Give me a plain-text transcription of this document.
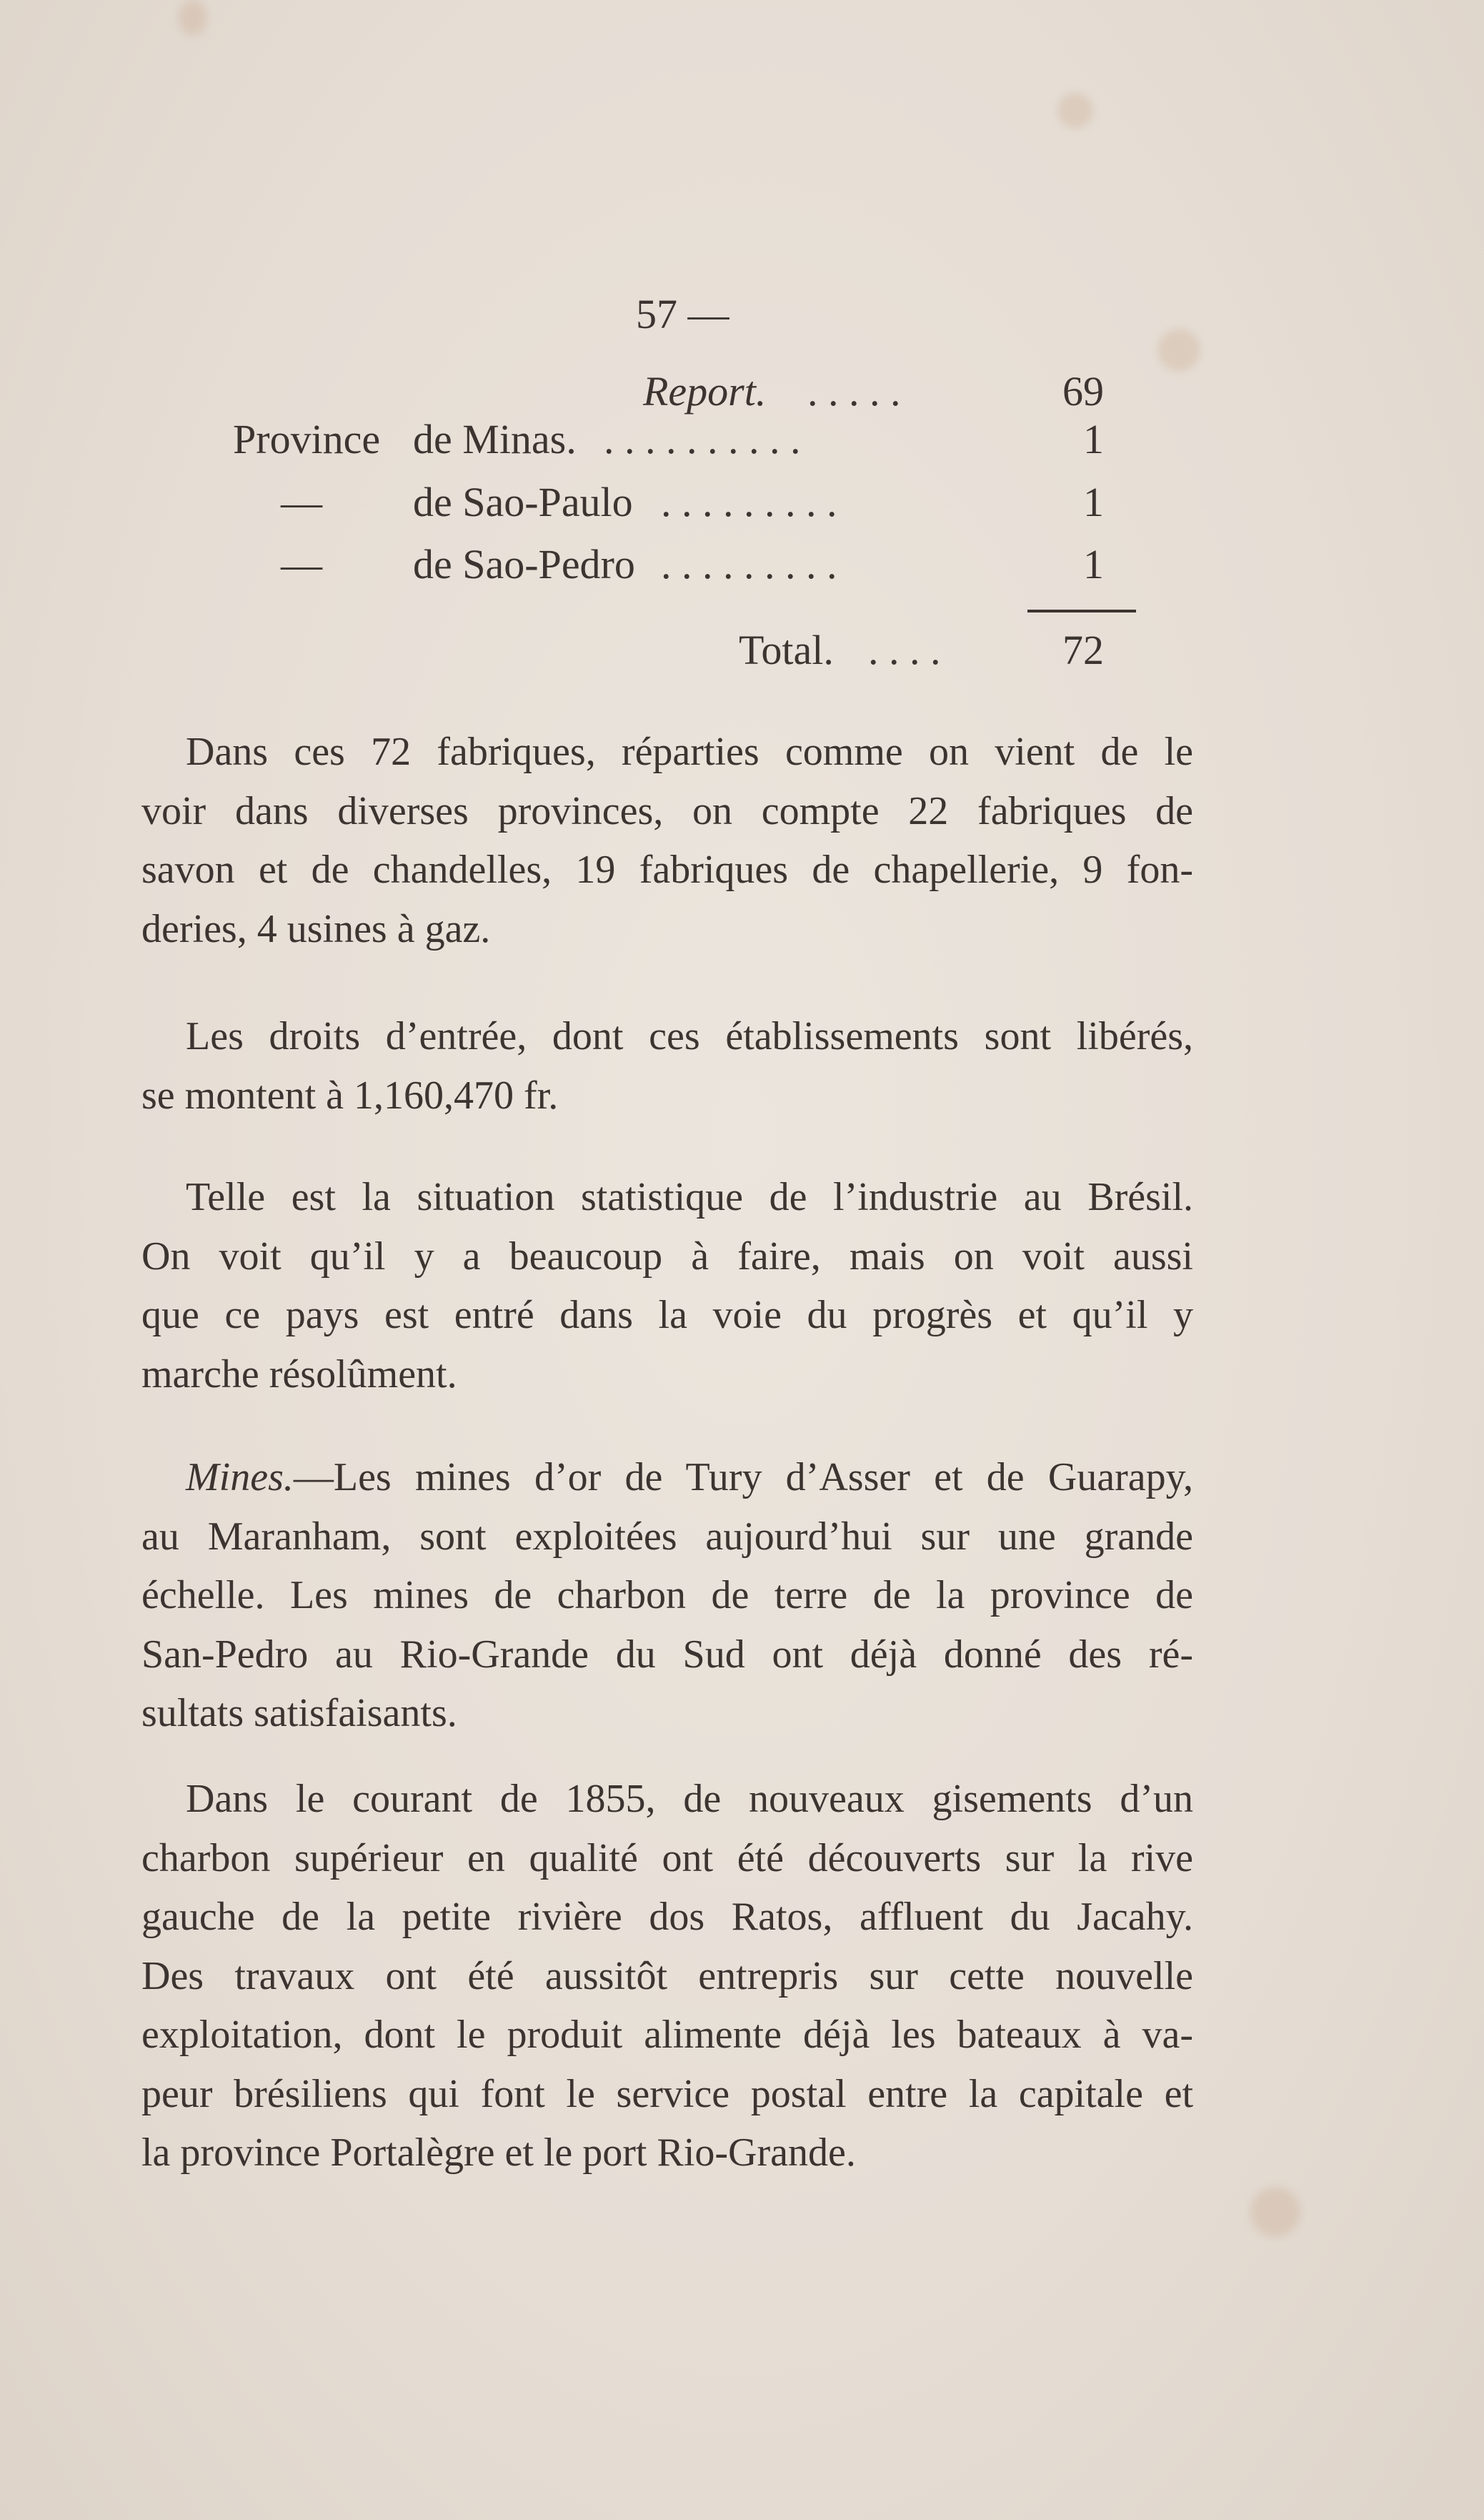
57 —
Report. . . . . .	69
Province de Minas. . . . . . . . . . .	1
— de Sao-Paulo . . . . . . . . .	1
— de Sao-Pedro . . . . . . . . .	1
Total. . . . .	72
Dans ces 72 fabriques, réparties comme on vient de le
voir dans diverses provinces, on compte 22 fabriques de
savon et de chandelles, 19 fabriques de chapellerie, 9 fon-
deries, 4 usines à gaz.
Les droits d’entrée, dont ces établissements sont libérés,
se montent à 1,160,470 fr.
Telle est la situation statistique de l’industrie au Brésil.
On voit qu’il y a beaucoup à faire, mais on voit aussi
que ce pays est entré dans la voie du progrès et qu’il y
marche résolûment.
Mines.—Les mines d’or de Tury d’Asser et de Guarapy,
au Maranham, sont exploitées aujourd’hui sur une grande
échelle. Les mines de charbon de terre de la province de
San-Pedro au Rio-Grande du Sud ont déjà donné des ré-
sultats satisfaisants.
Dans le courant de 1855, de nouveaux gisements d’un
charbon supérieur en qualité ont été découverts sur la rive
gauche de la petite rivière dos Ratos, affluent du Jacahy.
Des travaux ont été aussitôt entrepris sur cette nouvelle
exploitation, dont le produit alimente déjà les bateaux à va-
peur brésiliens qui font le service postal entre la capitale et
la province Portalègre et le port Rio-Grande.
